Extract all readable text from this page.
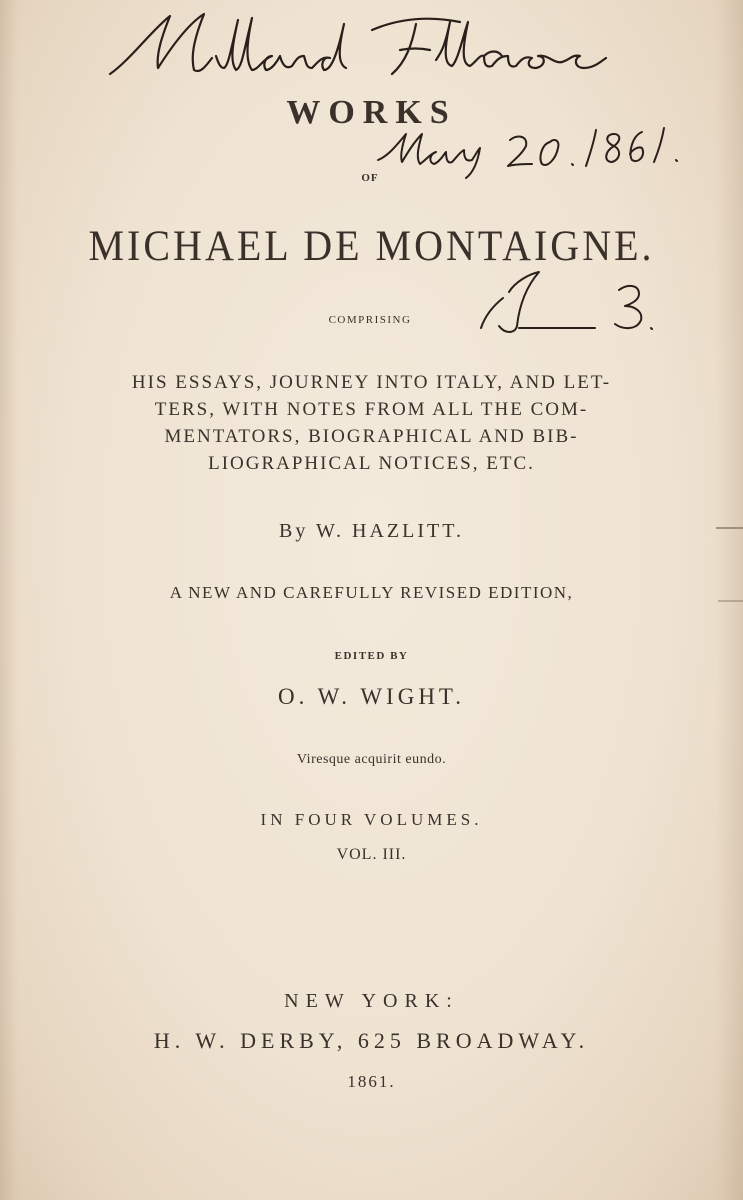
WORKS
OF
MICHAEL DE MONTAIGNE.
COMPRISING
HIS ESSAYS, JOURNEY INTO ITALY, AND LET-
TERS, WITH NOTES FROM ALL THE COM-
MENTATORS, BIOGRAPHICAL AND BIB-
LIOGRAPHICAL NOTICES, ETC.
By W. HAZLITT.
A NEW AND CAREFULLY REVISED EDITION,
EDITED BY
O. W. WIGHT.
Viresque acquirit eundo.
IN FOUR VOLUMES.
VOL. III.
NEW YORK:
H. W. DERBY, 625 BROADWAY.
1861.
